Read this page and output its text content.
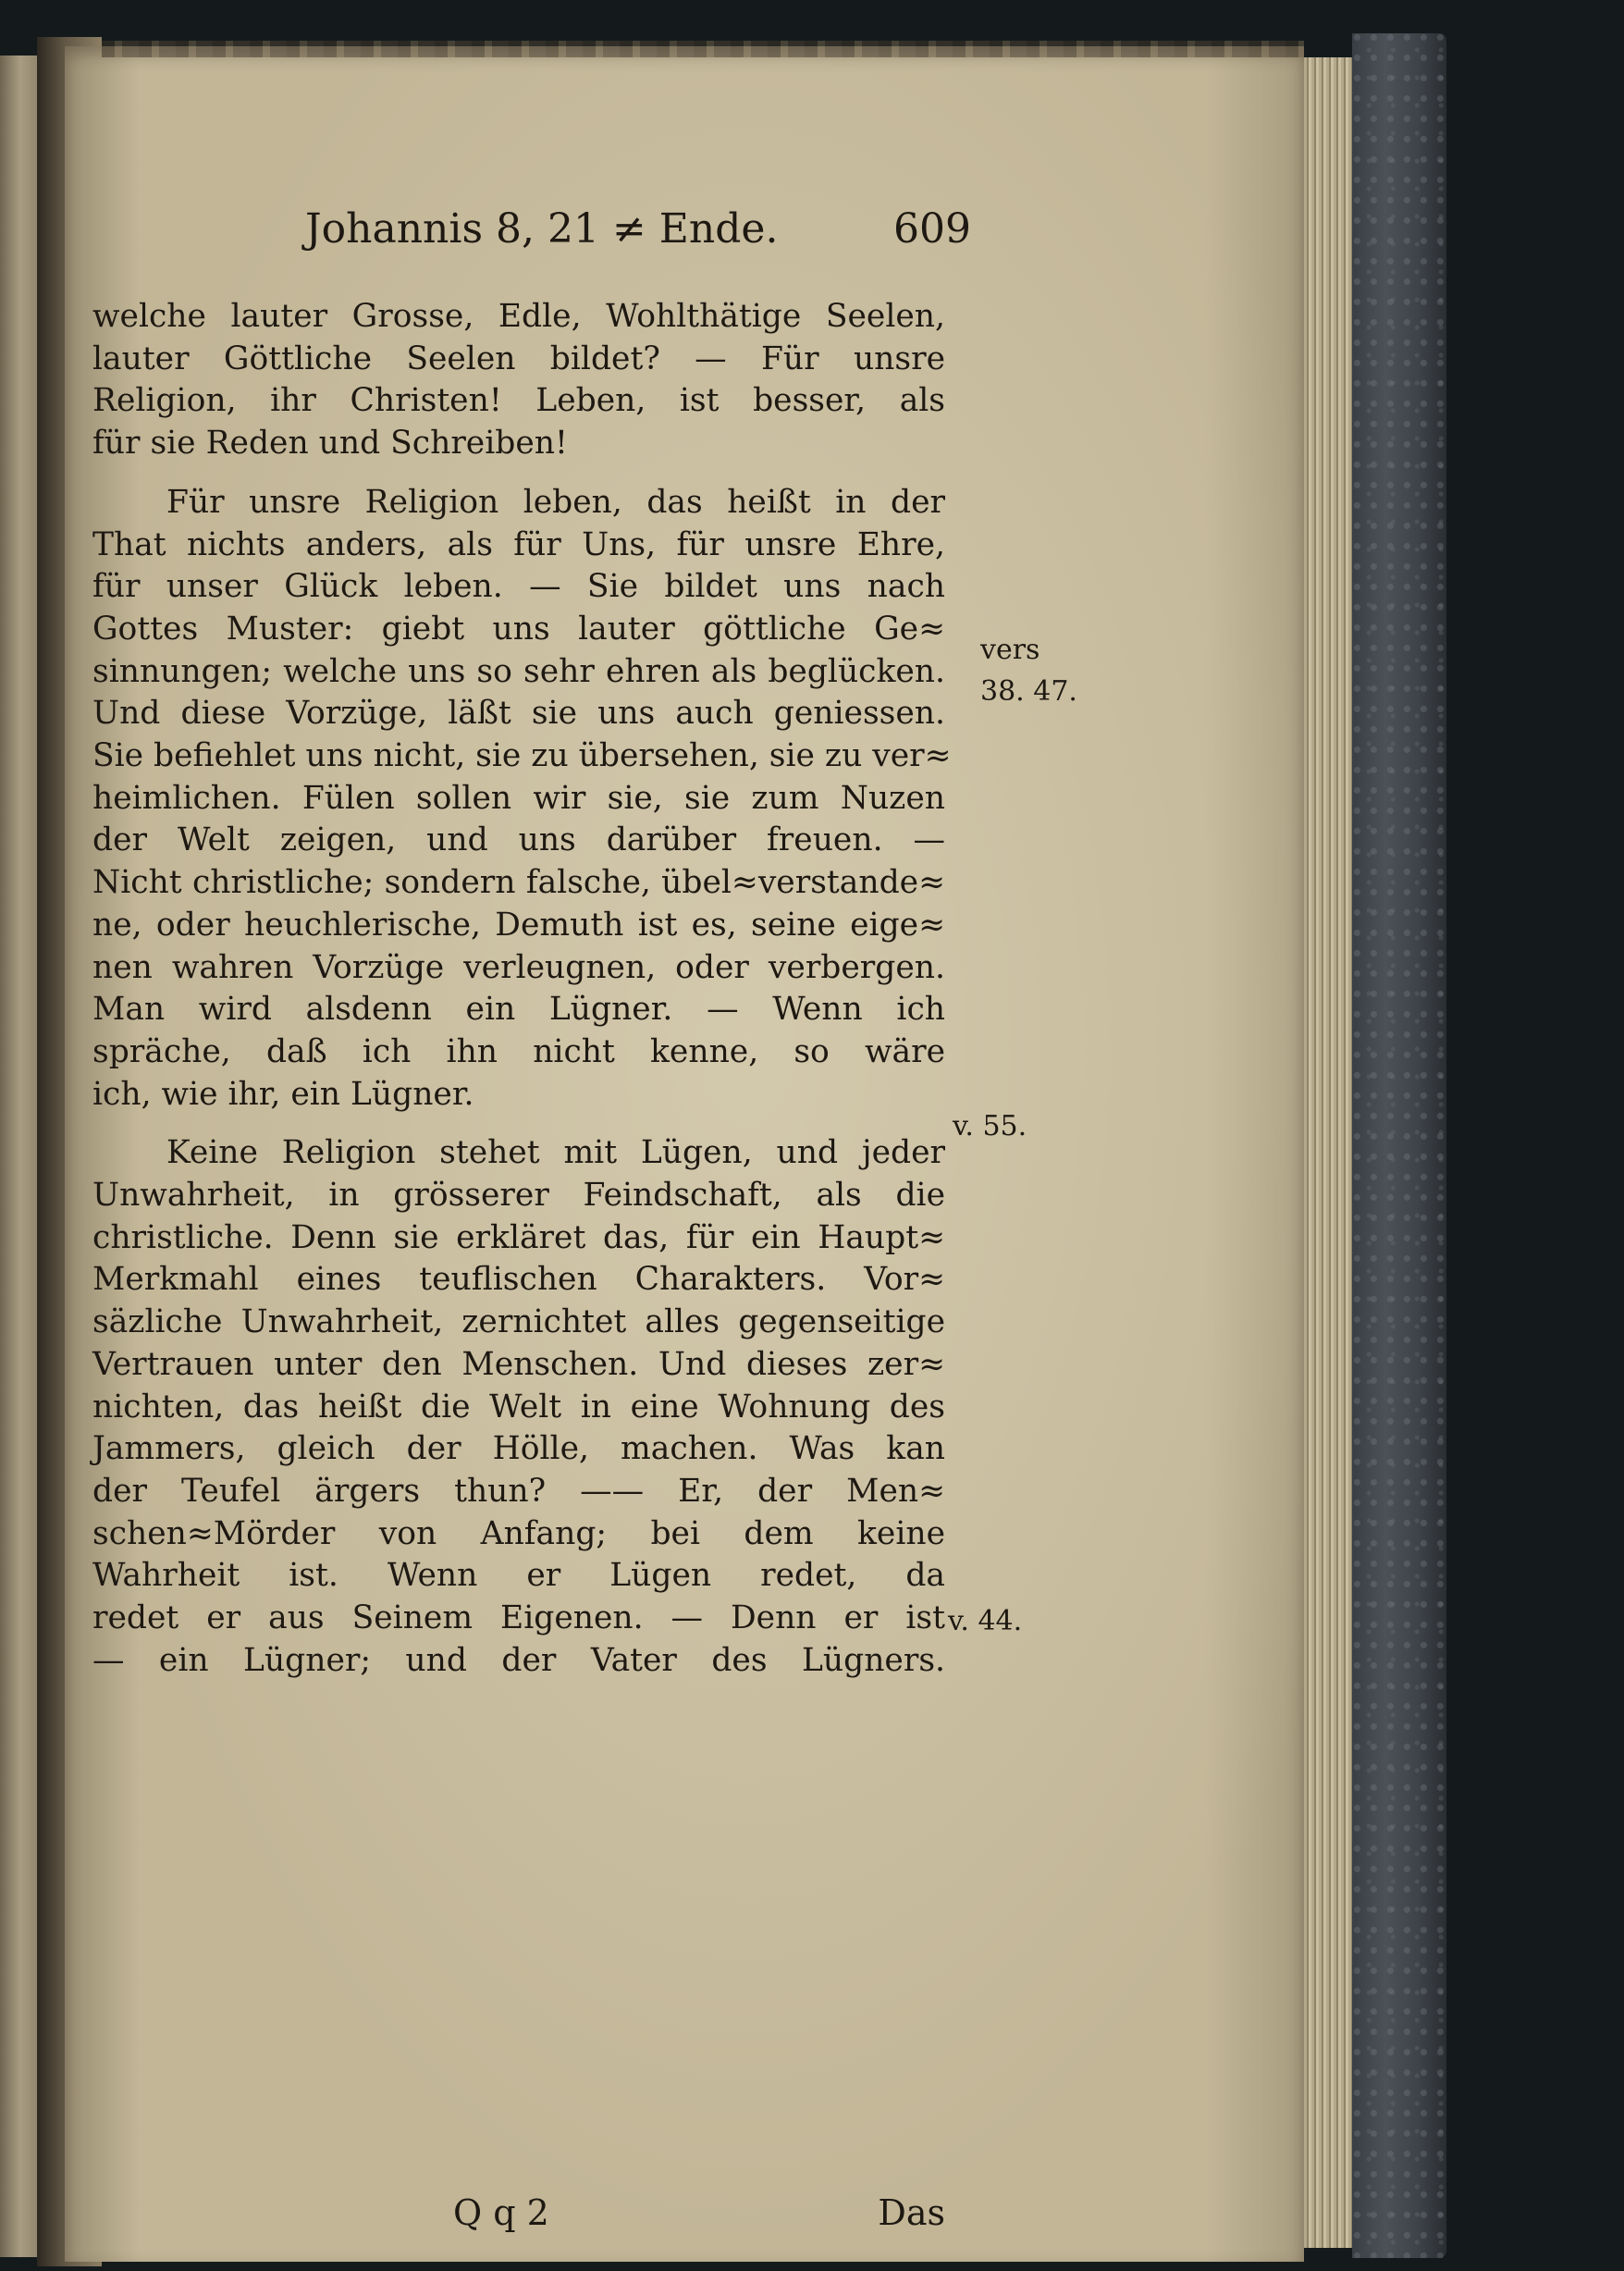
Johannis 8, 21 ≠ Ende.	609
welche lauter Grosse, Edle, Wohlthätige Seelen,
lauter Göttliche Seelen bildet? — Für unsre
Religion, ihr Christen! Leben, ist besser, als
für sie Reden und Schreiben!
Für unsre Religion leben, das heißt in der
That nichts anders, als für Uns, für unsre Ehre,
für unser Glück leben. — Sie bildet uns nach
Gottes Muster: giebt uns lauter göttliche Ge≈
sinnungen; welche uns so sehr ehren als beglücken.
Und diese Vorzüge, läßt sie uns auch geniessen.
Sie befiehlet uns nicht, sie zu übersehen, sie zu ver≈
heimlichen. Fülen sollen wir sie, sie zum Nuzen
der Welt zeigen, und uns darüber freuen. —
Nicht christliche; sondern falsche, übel≈verstande≈
ne, oder heuchlerische, Demuth ist es, seine eige≈
nen wahren Vorzüge verleugnen, oder verbergen.
Man wird alsdenn ein Lügner. — Wenn ich
spräche, daß ich ihn nicht kenne, so wäre
ich, wie ihr, ein Lügner.
Keine Religion stehet mit Lügen, und jeder
Unwahrheit, in grösserer Feindschaft, als die
christliche. Denn sie erkläret das, für ein Haupt≈
Merkmahl eines teuflischen Charakters. Vor≈
säzliche Unwahrheit, zernichtet alles gegenseitige
Vertrauen unter den Menschen. Und dieses zer≈
nichten, das heißt die Welt in eine Wohnung des
Jammers, gleich der Hölle, machen. Was kan
der Teufel ärgers thun? —— Er, der Men≈
schen≈Mörder von Anfang; bei dem keine
Wahrheit ist. Wenn er Lügen redet, da
redet er aus Seinem Eigenen. — Denn er ist
— ein Lügner; und der Vater des Lügners.
vers
38. 47.
v. 55.
v. 44.
Q q 2	Das
